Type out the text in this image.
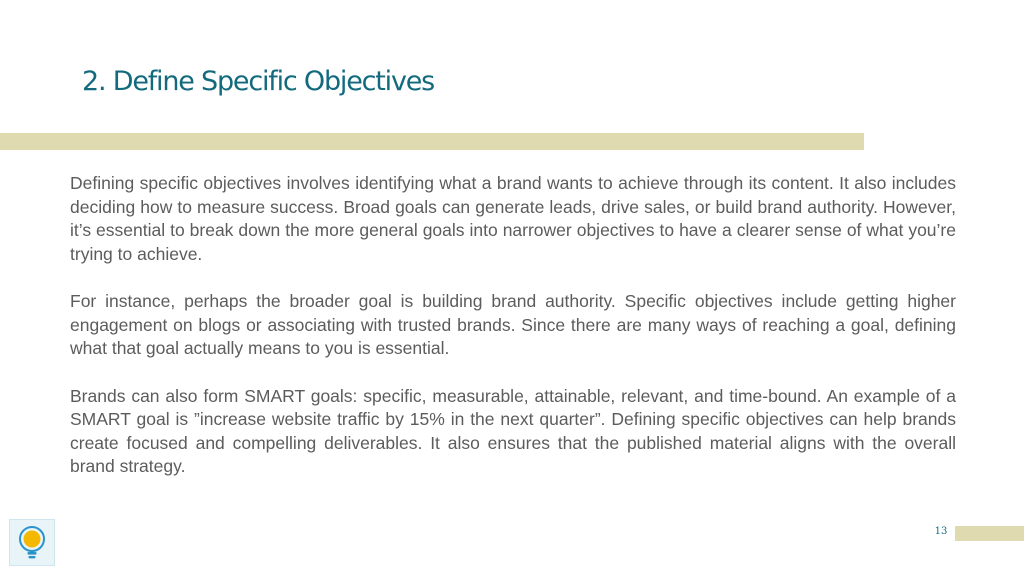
2. Define Specific Objectives

Defining specific objectives involves identifying what a brand wants to achieve through its content. It also includes deciding how to measure success. Broad goals can generate leads, drive sales, or build brand authority. However, it’s essential to break down the more general goals into narrower objectives to have a clearer sense of what you’re trying to achieve.

For instance, perhaps the broader goal is building brand authority. Specific objectives include getting higher engagement on blogs or associating with trusted brands. Since there are many ways of reaching a goal, defining what that goal actually means to you is essential.

Brands can also form SMART goals: specific, measurable, attainable, relevant, and time-bound. An example of a SMART goal is ”increase website traffic by 15% in the next quarter”. Defining specific objectives can help brands create focused and compelling deliverables. It also ensures that the published material aligns with the overall brand strategy.

13
